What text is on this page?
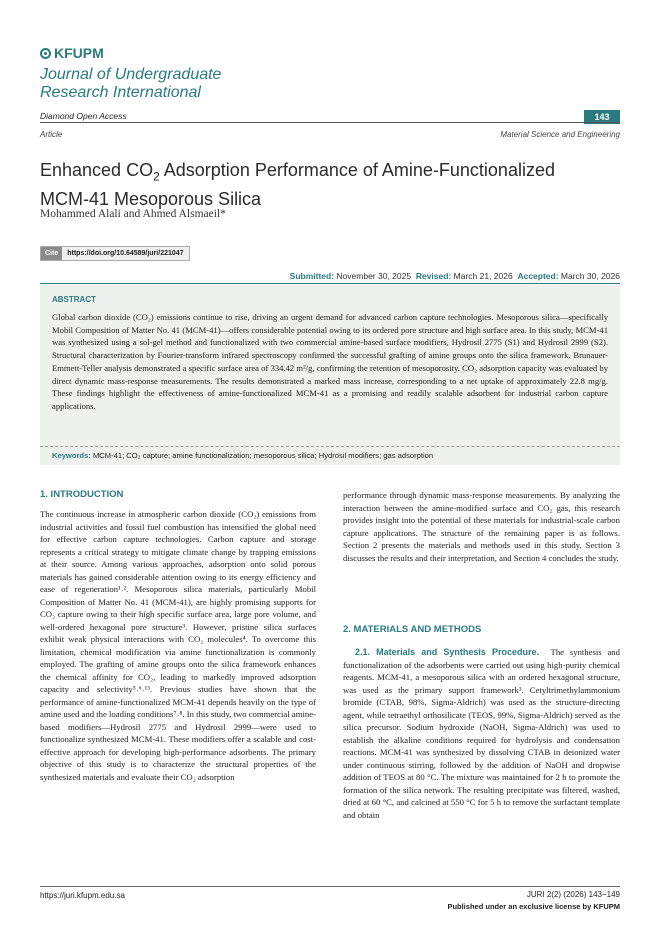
KFUPM
Journal of Undergraduate
Research International
Diamond Open Access	143
Article	Material Science and Engineering
Enhanced $CO_2$ Adsorption Performance of Amine-Functionalized
MCM-41 Mesoporous Silica
Mohammed Alali and Ahmed Alsmaeil*
Cite	https://doi.org/10.64589/juri/221047
Submitted: November 30, 2025 Revised: March 21, 2026 Accepted: March 30, 2026
ABSTRACT

Global carbon dioxide (CO₂) emissions continue to rise, driving an urgent demand for advanced carbon capture technologies. Mesoporous silica—specifically Mobil Composition of Matter No. 41 (MCM-41)—offers considerable potential owing to its ordered pore structure and high surface area. In this study, MCM-41 was synthesized using a sol-gel method and functionalized with two commercial amine-based surface modifiers, Hydrosil 2775 (S1) and Hydrosil 2999 (S2). Structural characterization by Fourier-transform infrared spectroscopy confirmed the successful grafting of amine groups onto the silica framework. Brunauer-Emmett-Teller analysis demonstrated a specific surface area of 334.42 m²/g, confirming the retention of mesoporosity. CO₂ adsorption capacity was evaluated by direct dynamic mass-response measurements. The results demonstrated a marked mass increase, corresponding to a net uptake of approximately 22.8 mg/g. These findings highlight the effectiveness of amine-functionalized MCM-41 as a promising and readily scalable adsorbent for industrial carbon capture applications.

Keywords: MCM-41; CO₂ capture; amine functionalization; mesoporous silica; Hydrosil modifiers; gas adsorption
1. INTRODUCTION

The continuous increase in atmospheric carbon dioxide (CO₂) emissions from industrial activities and fossil fuel combustion has intensified the global need for effective carbon capture technologies. Carbon capture and storage represents a critical strategy to mitigate climate change by trapping emissions at their source. Among various approaches, adsorption onto solid porous materials has gained considerable attention owing to its energy efficiency and ease of regeneration¹˒². Mesoporous silica materials, particularly Mobil Composition of Matter No. 41 (MCM-41), are highly promising supports for CO₂ capture owing to their high specific surface area, large pore volume, and well-ordered hexagonal pore structure³. However, pristine silica surfaces exhibit weak physical interactions with CO₂ molecules⁴. To overcome this limitation, chemical modification via amine functionalization is commonly employed. The grafting of amine groups onto the silica framework enhances the chemical affinity for CO₂, leading to markedly improved adsorption capacity and selectivity⁵˒⁶˒¹³. Previous studies have shown that the performance of amine-functionalized MCM-41 depends heavily on the type of amine used and the loading conditions⁷˒⁸. In this study, two commercial amine-based modifiers—Hydrosil 2775 and Hydrosil 2999—were used to functionalize synthesized MCM-41. These modifiers offer a scalable and cost-effective approach for developing high-performance adsorbents. The primary objective of this study is to characterize the structural properties of the synthesized materials and evaluate their CO₂ adsorption

performance through dynamic mass-response measurements. By analyzing the interaction between the amine-modified surface and CO₂ gas, this research provides insight into the potential of these materials for industrial-scale carbon capture applications. The structure of the remaining paper is as follows. Section 2 presents the materials and methods used in this study, Section 3 discusses the results and their interpretation, and Section 4 concludes the study.

2. MATERIALS AND METHODS

2.1. Materials and Synthesis Procedure. The synthesis and functionalization of the adsorbents were carried out using high-purity chemical reagents. MCM-41, a mesoporous silica with an ordered hexagonal structure, was used as the primary support framework³. Cetyltrimethylammonium bromide (CTAB, 98%, Sigma-Aldrich) was used as the structure-directing agent, while tetraethyl orthosilicate (TEOS, 99%, Sigma-Aldrich) served as the silica precursor. Sodium hydroxide (NaOH, Sigma-Aldrich) was used to establish the alkaline conditions required for hydrolysis and condensation reactions. MCM-41 was synthesized by dissolving CTAB in deionized water under continuous stirring, followed by the addition of NaOH and dropwise addition of TEOS at 80 °C. The mixture was maintained for 2 h to promote the formation of the silica network. The resulting precipitate was filtered, washed, dried at 60 °C, and calcined at 550 °C for 5 h to remove the surfactant template and obtain

https://juri.kfupm.edu.sa	JURI 2(2) (2026) 143−149
Published under an exclusive license by KFUPM
